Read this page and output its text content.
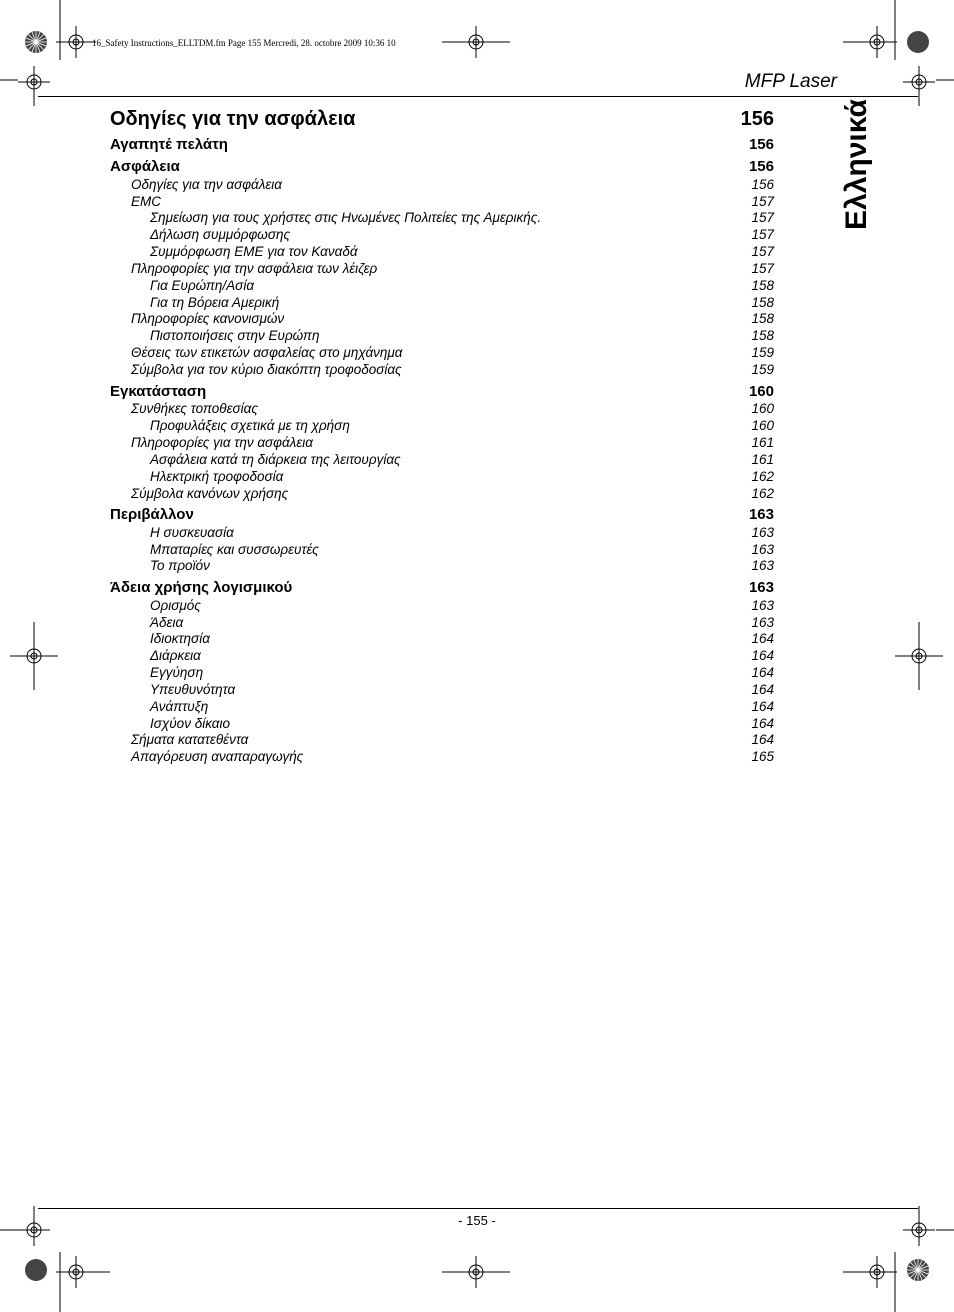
16_Safety Instructions_ELLTDM.fm Page 155 Mercredi, 28. octobre 2009 10:36 10
MFP Laser
Ελληνικά
Οδηγίες για την ασφάλεια	156
Αγαπητέ πελάτη	156
Ασφάλεια	156
Οδηγίες για την ασφάλεια	156
EMC	157
Σημείωση για τους χρήστες στις Ηνωμένες Πολιτείες της Αμερικής.	157
Δήλωση συμμόρφωσης	157
Συμμόρφωση ΕΜΕ για τον Καναδά	157
Πληροφορίες για την ασφάλεια των λέιζερ	157
Για Ευρώπη/Ασία	158
Για τη Βόρεια Αμερική	158
Πληροφορίες κανονισμών	158
Πιστοποιήσεις στην Ευρώπη	158
Θέσεις των ετικετών ασφαλείας στο μηχάνημα	159
Σύμβολα για τον κύριο διακόπτη τροφοδοσίας	159
Εγκατάσταση	160
Συνθήκες τοποθεσίας	160
Προφυλάξεις σχετικά με τη χρήση	160
Πληροφορίες για την ασφάλεια	161
Ασφάλεια κατά τη διάρκεια της λειτουργίας	161
Ηλεκτρική τροφοδοσία	162
Σύμβολα κανόνων χρήσης	162
Περιβάλλον	163
Η συσκευασία	163
Μπαταρίες και συσσωρευτές	163
Το προϊόν	163
Άδεια χρήσης λογισμικού	163
Ορισμός	163
Άδεια	163
Ιδιοκτησία	164
Διάρκεια	164
Εγγύηση	164
Υπευθυνότητα	164
Ανάπτυξη	164
Ισχύον δίκαιο	164
Σήματα κατατεθέντα	164
Απαγόρευση αναπαραγωγής	165
- 155 -
